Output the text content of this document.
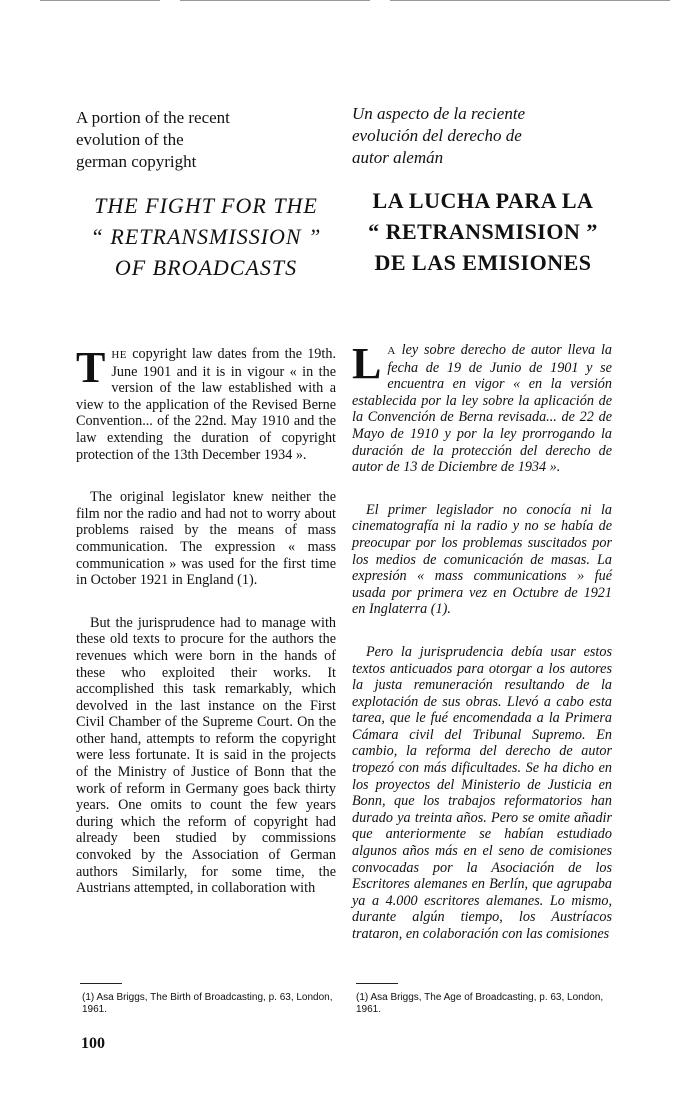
A portion of the recent
evolution of the
german copyright
Un aspecto de la reciente
evolución del derecho de
autor alemán
THE FIGHT FOR THE
“ RETRANSMISSION ”
OF BROADCASTS
LA LUCHA PARA LA
“ RETRANSMISION ”
DE LAS EMISIONES

THE copyright law dates from the 19th. June 1901 and it is in vigour « in the version of the law established with a view to the application of the Revised Berne Convention... of the 22nd. May 1910 and the law extending the duration of copyright protection of the 13th December 1934 ».

The original legislator knew neither the film nor the radio and had not to worry about problems raised by the means of mass communication. The expression « mass communication » was used for the first time in October 1921 in England (1).

But the jurisprudence had to manage with these old texts to procure for the authors the revenues which were born in the hands of these who exploited their works. It accomplished this task remarkably, which devolved in the last instance on the First Civil Chamber of the Supreme Court. On the other hand, attempts to reform the copyright were less fortunate. It is said in the projects of the Ministry of Justice of Bonn that the work of reform in Germany goes back thirty years. One omits to count the few years during which the reform of copyright had already been studied by commissions convoked by the Association of German authors Similarly, for some time, the Austrians attempted, in collaboration with

L A ley sobre derecho de autor lleva la fecha de 19 de Junio de 1901 y se encuentra en vigor « en la versión establecida por la ley sobre la aplicación de la Convención de Berna revisada... de 22 de Mayo de 1910 y por la ley prorrogando la duración de la protección del derecho de autor de 13 de Diciembre de 1934 ».

El primer legislador no conocía ni la cinematografía ni la radio y no se había de preocupar por los problemas suscitados por los medios de comunicación de masas. La expresión « mass communications » fué usada por primera vez en Octubre de 1921 en Inglaterra (1).

Pero la jurisprudencia debía usar estos textos anticuados para otorgar a los autores la justa remuneración resultando de la explotación de sus obras. Llevó a cabo esta tarea, que le fué encomendada a la Primera Cámara civil del Tribunal Supremo. En cambio, la reforma del derecho de autor tropezó con más dificultades. Se ha dicho en los proyectos del Ministerio de Justicia en Bonn, que los trabajos reformatorios han durado ya treinta años. Pero se omite añadir que anteriormente se habían estudiado algunos años más en el seno de comisiones convocadas por la Asociación de los Escritores alemanes en Berlín, que agrupaba ya a 4.000 escritores alemanes. Lo mismo, durante algún tiempo, los Austríacos trataron, en colaboración con las comisiones

(1) Asa Briggs, The Birth of Broadcasting, p. 63, London, 1961.
(1) Asa Briggs, The Age of Broadcasting, p. 63, London, 1961.
100
